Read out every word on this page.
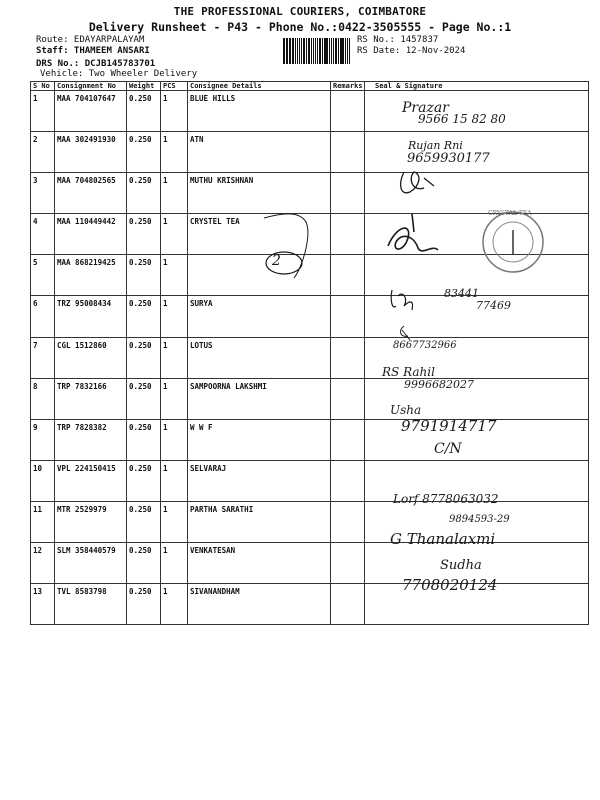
THE PROFESSIONAL COURIERS, COIMBATORE
Delivery Runsheet - P43 - Phone No.:0422-3505555 - Page No.:1
Route: EDAYARPALAYAM
Staff: THAMEEM ANSARI
DRS No.: DCJB145783701
Vehicle: Two Wheeler Delivery
RS No.: 1457837
RS Date: 12-Nov-2024
S No	Consignment No	Weight	PCS	Consignee Details	Remarks	Seal & Signature
1	MAA 704107647	0.250	1	BLUE HILLS		
2	MAA 302491930	0.250	1	ATN		
3	MAA 704802565	0.250	1	MUTHU KRISHNAN		
4	MAA 110449442	0.250	1	CRYSTEL TEA		
5	MAA 868219425	0.250	1			
6	TRZ 95008434	0.250	1	SURYA		
7	CGL 1512860	0.250	1	LOTUS		
8	TRP 7832166	0.250	1	SAMPOORNA LAKSHMI		
9	TRP 7828382	0.250	1	W W F		
10	VPL 224150415	0.250	1	SELVARAJ		
11	MTR 2529979	0.250	1	PARTHA SARATHI		
12	SLM 358440579	0.250	1	VENKATESAN		
13	TVL 8583798	0.250	1	SIVANANDHAM		
Prazar
9566 15 82 80
Rujan Rni
9659930177
2
CRYSTAL TEA
83441
77469
8667732966
RS Rahil
9996682027
Usha
9791914717
C/N
Lorf 8778063032
9894593-29
G Thanalaxmi
Sudha
7708020124
